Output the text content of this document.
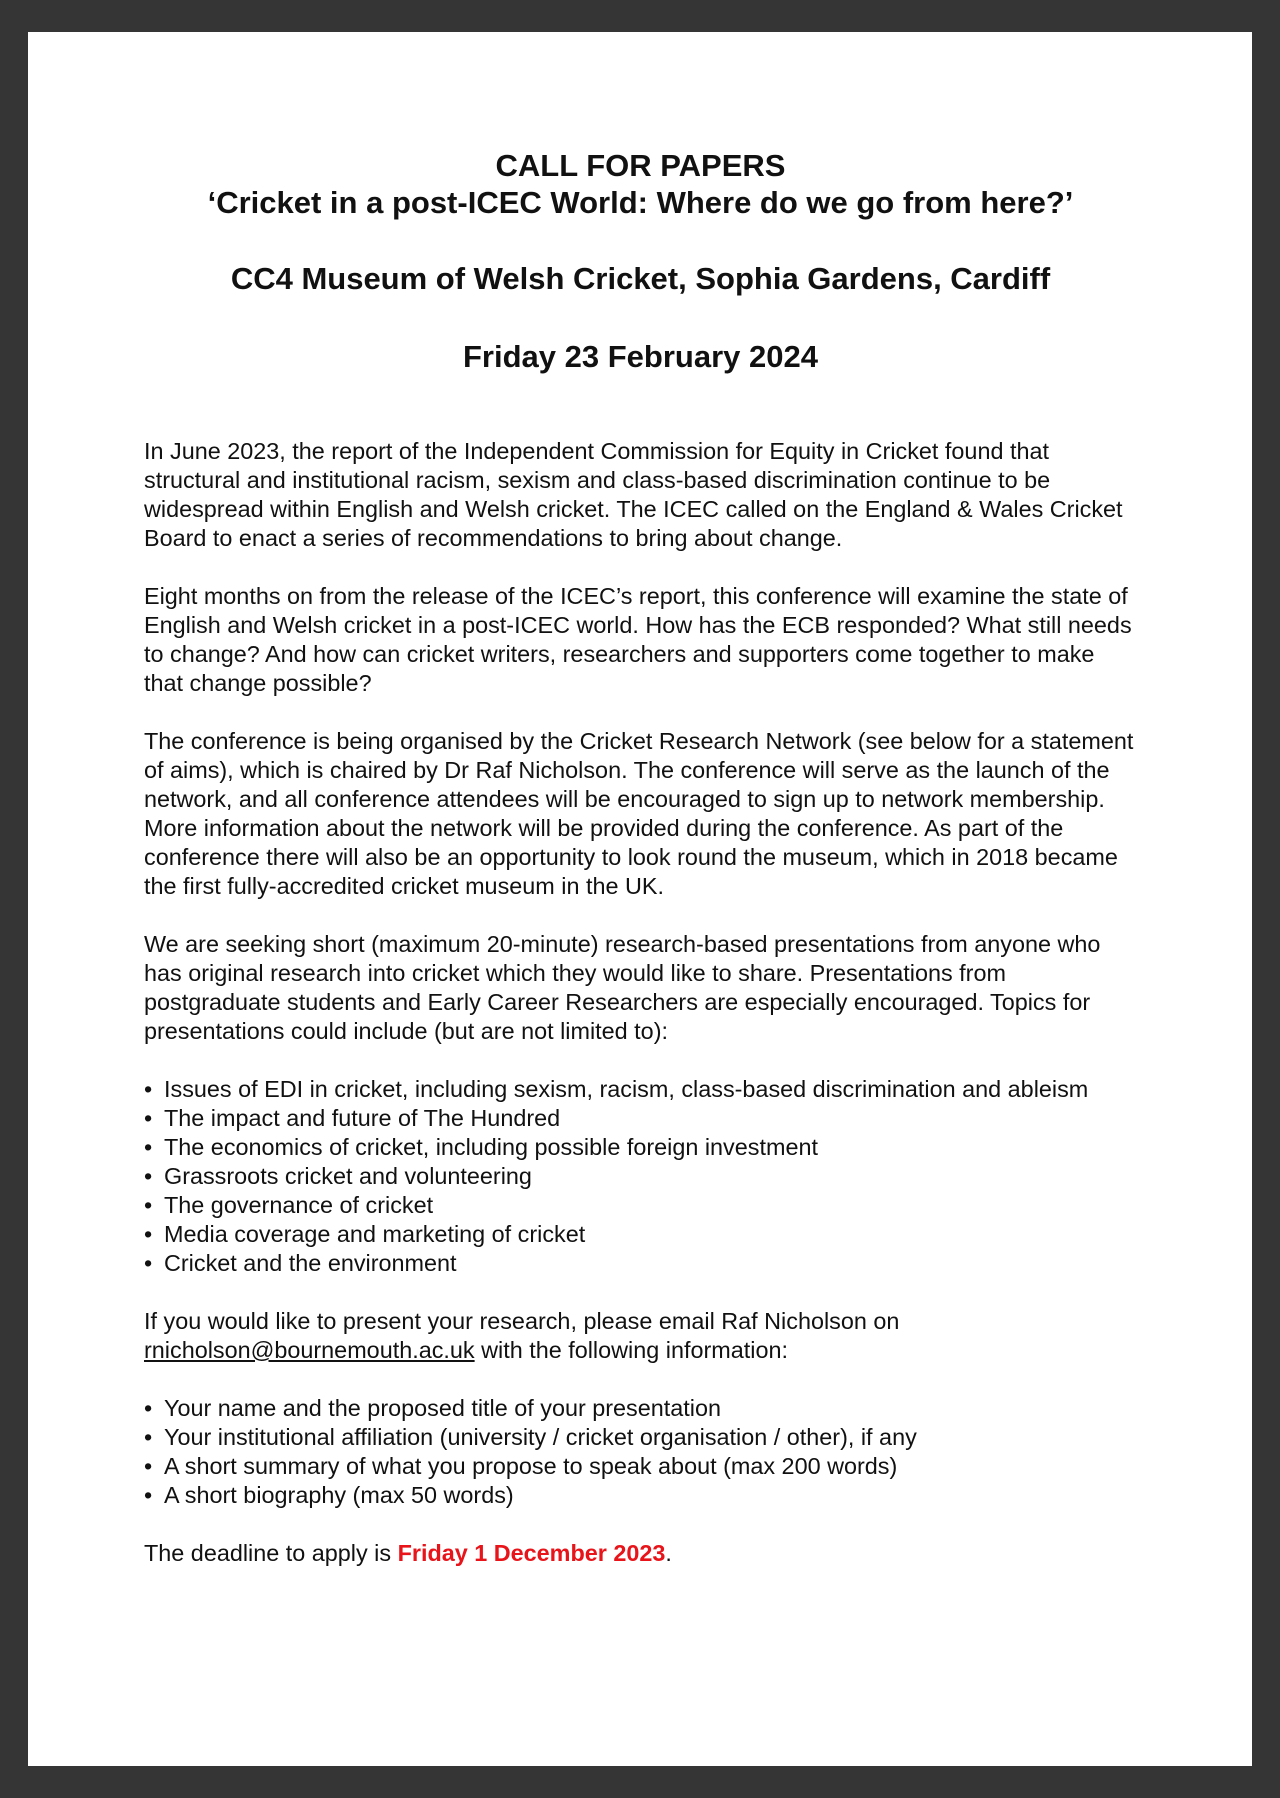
CALL FOR PAPERS
‘Cricket in a post-ICEC World: Where do we go from here?’
CC4 Museum of Welsh Cricket, Sophia Gardens, Cardiff
Friday 23 February 2024

In June 2023, the report of the Independent Commission for Equity in Cricket found that structural and institutional racism, sexism and class-based discrimination continue to be widespread within English and Welsh cricket. The ICEC called on the England & Wales Cricket Board to enact a series of recommendations to bring about change.

Eight months on from the release of the ICEC’s report, this conference will examine the state of English and Welsh cricket in a post-ICEC world. How has the ECB responded? What still needs to change? And how can cricket writers, researchers and supporters come together to make that change possible?

The conference is being organised by the Cricket Research Network (see below for a statement of aims), which is chaired by Dr Raf Nicholson. The conference will serve as the launch of the network, and all conference attendees will be encouraged to sign up to network membership. More information about the network will be provided during the conference. As part of the conference there will also be an opportunity to look round the museum, which in 2018 became the first fully-accredited cricket museum in the UK.

We are seeking short (maximum 20-minute) research-based presentations from anyone who has original research into cricket which they would like to share. Presentations from postgraduate students and Early Career Researchers are especially encouraged. Topics for presentations could include (but are not limited to):

• Issues of EDI in cricket, including sexism, racism, class-based discrimination and ableism
• The impact and future of The Hundred
• The economics of cricket, including possible foreign investment
• Grassroots cricket and volunteering
• The governance of cricket
• Media coverage and marketing of cricket
• Cricket and the environment

If you would like to present your research, please email Raf Nicholson on
rnicholson@bournemouth.ac.uk with the following information:

• Your name and the proposed title of your presentation
• Your institutional affiliation (university / cricket organisation / other), if any
• A short summary of what you propose to speak about (max 200 words)
• A short biography (max 50 words)

The deadline to apply is Friday 1 December 2023.
